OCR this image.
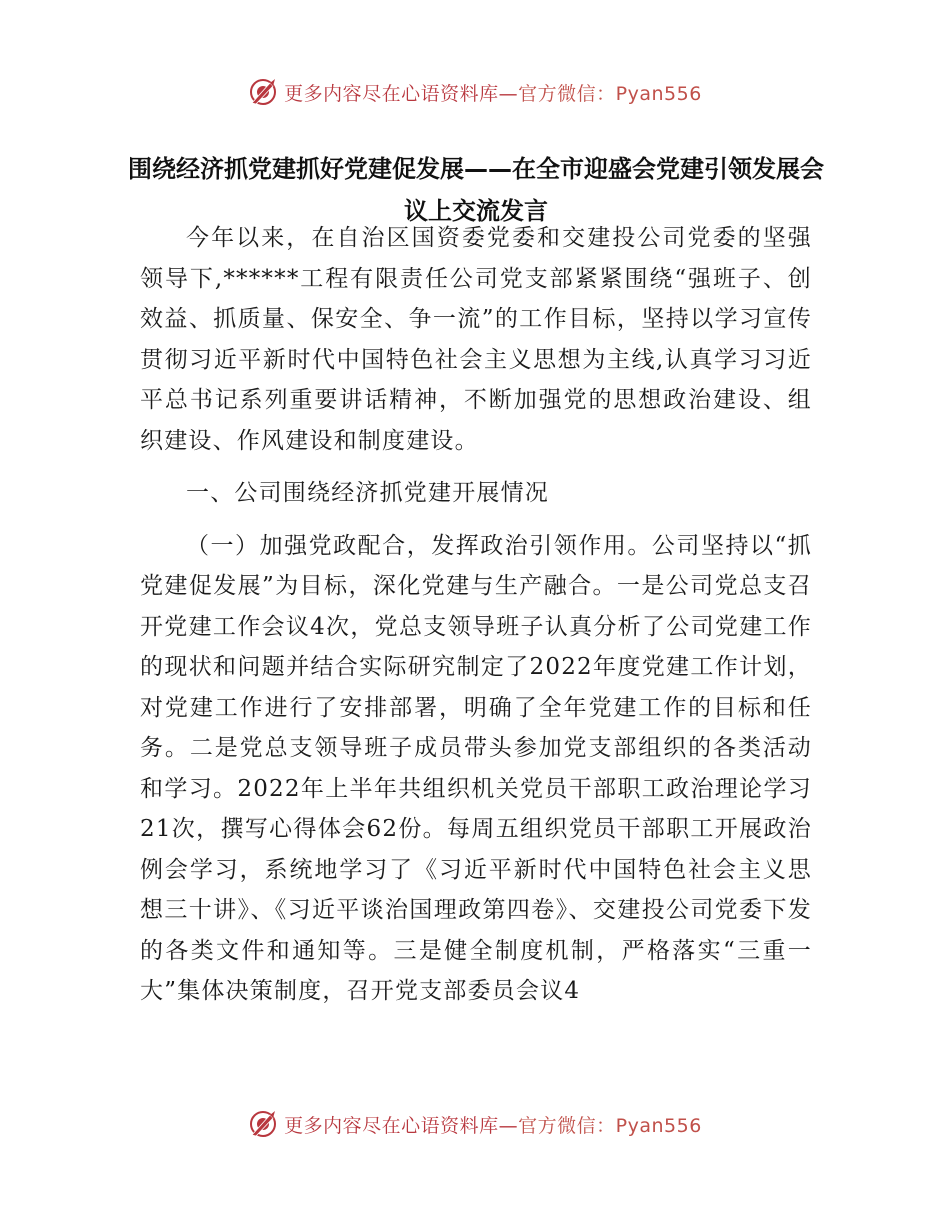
更多内容尽在心语资料库—官方微信：Pyan556
围绕经济抓党建抓好党建促发展——在全市迎盛会党建引领发展会议上交流发言

今年以来，在自治区国资委党委和交建投公司党委的坚强领导下,******工程有限责任公司党支部紧紧围绕“强班子、创效益、抓质量、保安全、争一流”的工作目标，坚持以学习宣传贯彻习近平新时代中国特色社会主义思想为主线,认真学习习近平总书记系列重要讲话精神，不断加强党的思想政治建设、组织建设、作风建设和制度建设。

一、公司围绕经济抓党建开展情况

（一）加强党政配合，发挥政治引领作用。公司坚持以“抓党建促发展”为目标，深化党建与生产融合。一是公司党总支召开党建工作会议4次，党总支领导班子认真分析了公司党建工作的现状和问题并结合实际研究制定了2022年度党建工作计划，对党建工作进行了安排部署，明确了全年党建工作的目标和任务。二是党总支领导班子成员带头参加党支部组织的各类活动和学习。2022年上半年共组织机关党员干部职工政治理论学习21次，撰写心得体会62份。每周五组织党员干部职工开展政治例会学习，系统地学习了《习近平新时代中国特色社会主义思想三十讲》、《习近平谈治国理政第四卷》、交建投公司党委下发的各类文件和通知等。三是健全制度机制，严格落实“三重一大”集体决策制度，召开党支部委员会议4

更多内容尽在心语资料库—官方微信：Pyan556
